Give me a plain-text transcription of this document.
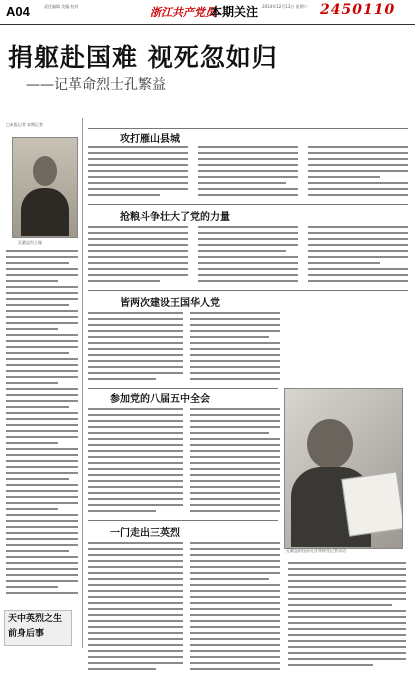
A04	责任编辑 美编 校对	浙江共产党员
本期关注 2014年12月13日 星期六 2450110
捐躯赴国难 视死忽如归
——记革命烈士孔繁益
□本报记者 本期记者
孔繁益烈士像
攻打雁山县城
抢粮斗争壮大了党的力量
皆两次建设王国华人党
孔繁益的侄孙孔庆华接受记者采访
参加党的八届五中全会
一门走出三英烈
天中英烈之生前身后事
